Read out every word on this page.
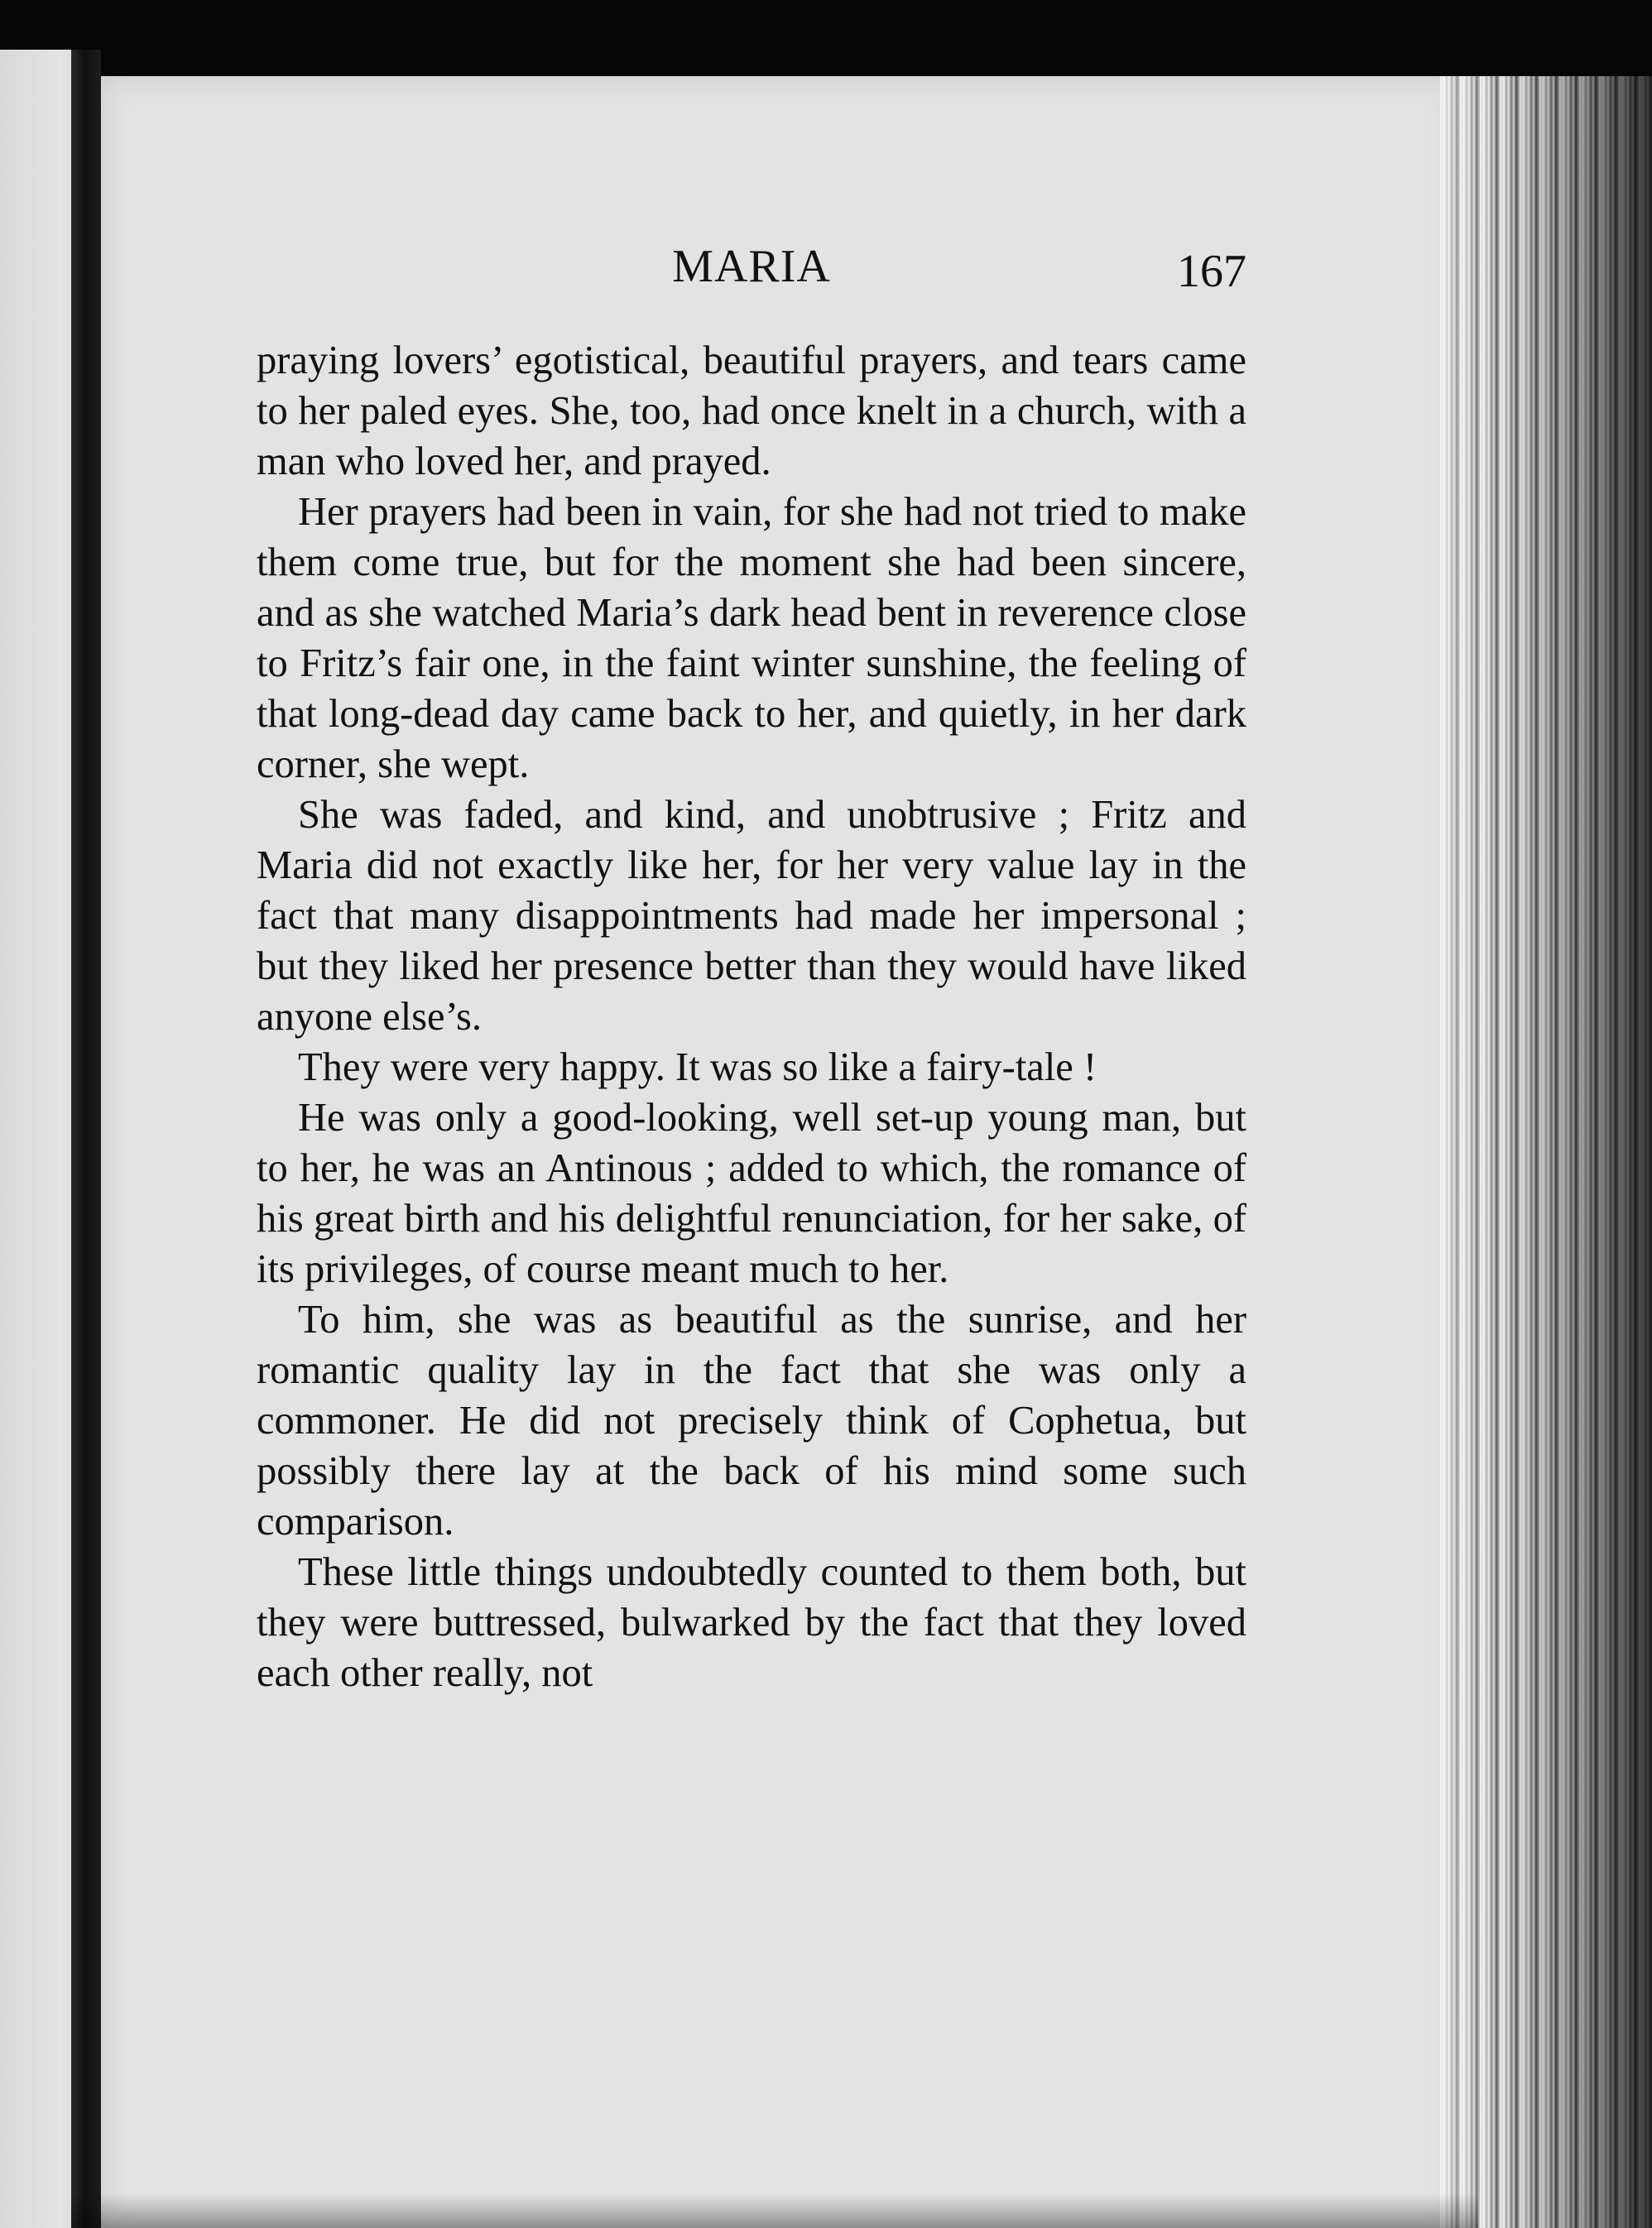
MARIA	167

praying lovers’ egotistical, beautiful prayers, and tears came to her paled eyes. She, too, had once knelt in a church, with a man who loved her, and prayed.

Her prayers had been in vain, for she had not tried to make them come true, but for the moment she had been sincere, and as she watched Maria’s dark head bent in reverence close to Fritz’s fair one, in the faint winter sunshine, the feeling of that long-dead day came back to her, and quietly, in her dark corner, she wept.

She was faded, and kind, and unobtrusive ; Fritz and Maria did not exactly like her, for her very value lay in the fact that many disappointments had made her impersonal ; but they liked her presence better than they would have liked anyone else’s.

They were very happy. It was so like a fairy-tale !

He was only a good-looking, well set-up young man, but to her, he was an Antinous ; added to which, the romance of his great birth and his delightful renunciation, for her sake, of its privileges, of course meant much to her.

To him, she was as beautiful as the sunrise, and her romantic quality lay in the fact that she was only a commoner. He did not precisely think of Cophetua, but possibly there lay at the back of his mind some such comparison.

These little things undoubtedly counted to them both, but they were buttressed, bulwarked by the fact that they loved each other really, not
